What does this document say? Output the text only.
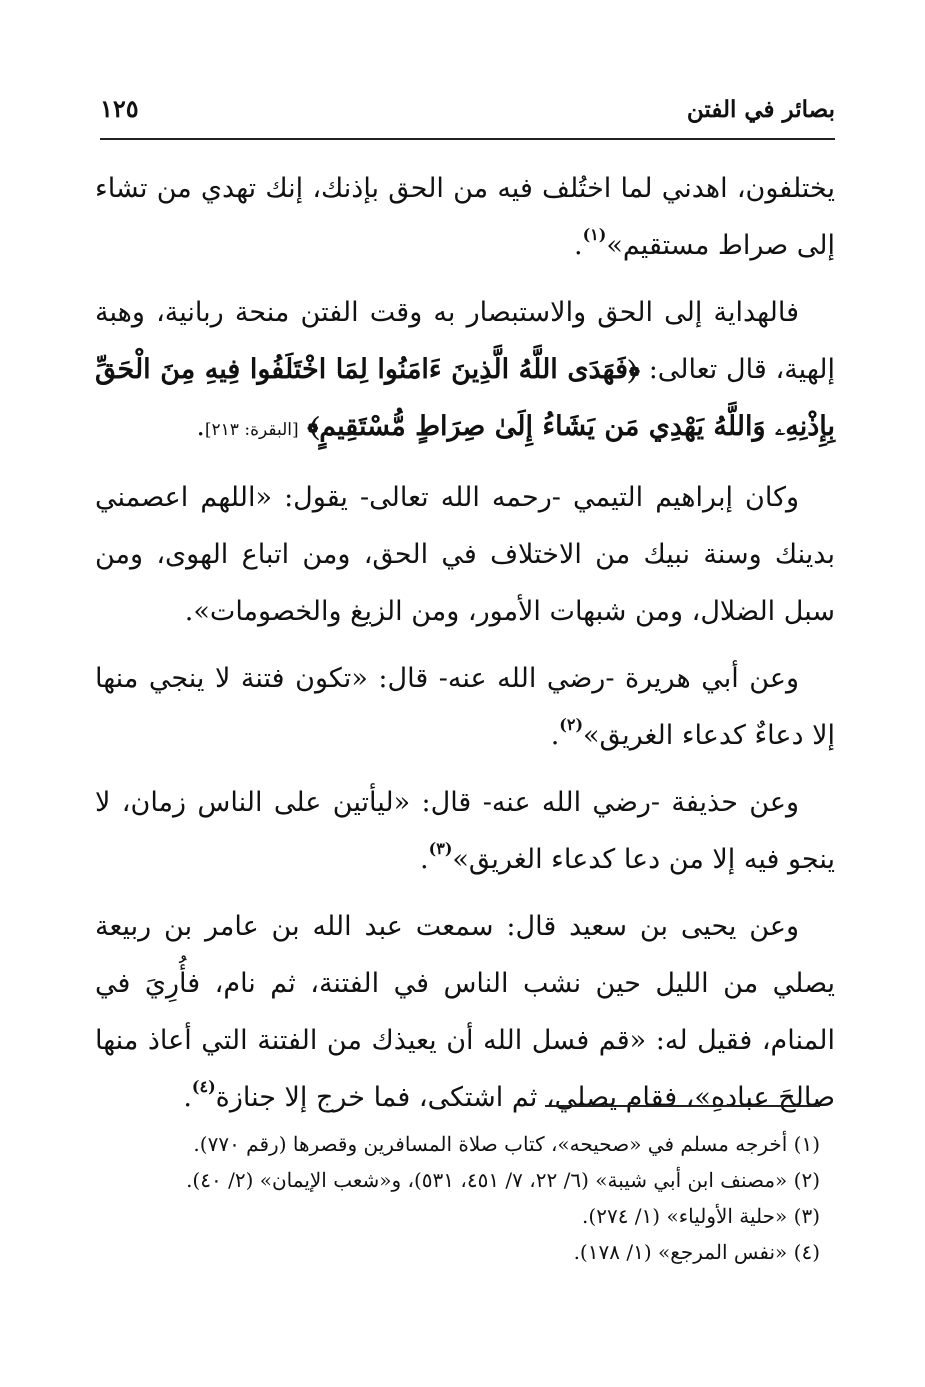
بصائر في الفتن
١٢٥

يختلفون، اهدني لما اختُلف فيه من الحق بإذنك، إنك تهدي من تشاء إلى صراط مستقيم»$^{(١)}$.

فالهداية إلى الحق والاستبصار به وقت الفتن منحة ربانية، وهبة إلهية، قال تعالى: ﴿فَهَدَى اللَّهُ الَّذِينَ ءَامَنُوا لِمَا اخْتَلَفُوا فِيهِ مِنَ الْحَقِّ بِإِذْنِهِۦ وَاللَّهُ يَهْدِي مَن يَشَاءُ إِلَىٰ صِرَاطٍ مُّسْتَقِيمٍ﴾ [البقرة: ٢١٣].

وكان إبراهيم التيمي -رحمه الله تعالى- يقول: «اللهم اعصمني بدينك وسنة نبيك من الاختلاف في الحق، ومن اتباع الهوى، ومن سبل الضلال، ومن شبهات الأمور، ومن الزيغ والخصومات».

وعن أبي هريرة -رضي الله عنه- قال: «تكون فتنة لا ينجي منها إلا دعاءٌ كدعاء الغريق»$^{(٢)}$.

وعن حذيفة -رضي الله عنه- قال: «ليأتين على الناس زمان، لا ينجو فيه إلا من دعا كدعاء الغريق»$^{(٣)}$.

وعن يحيى بن سعيد قال: سمعت عبد الله بن عامر بن ربيعة يصلي من الليل حين نشب الناس في الفتنة، ثم نام، فأُرِيَ في المنام، فقيل له: «قم فسل الله أن يعيذك من الفتنة التي أعاذ منها صالحَ عبادهِ»، فقام يصلي، ثم اشتكى، فما خرج إلا جنازة$^{(٤)}$.

(١) أخرجه مسلم في «صحيحه»، كتاب صلاة المسافرين وقصرها (رقم ٧٧٠).

(٢) «مصنف ابن أبي شيبة» (٦/ ٢٢، ٧/ ٤٥١، ٥٣١)، و«شعب الإيمان» (٢/ ٤٠).

(٣) «حلية الأولياء» (١/ ٢٧٤).

(٤) «نفس المرجع» (١/ ١٧٨).
